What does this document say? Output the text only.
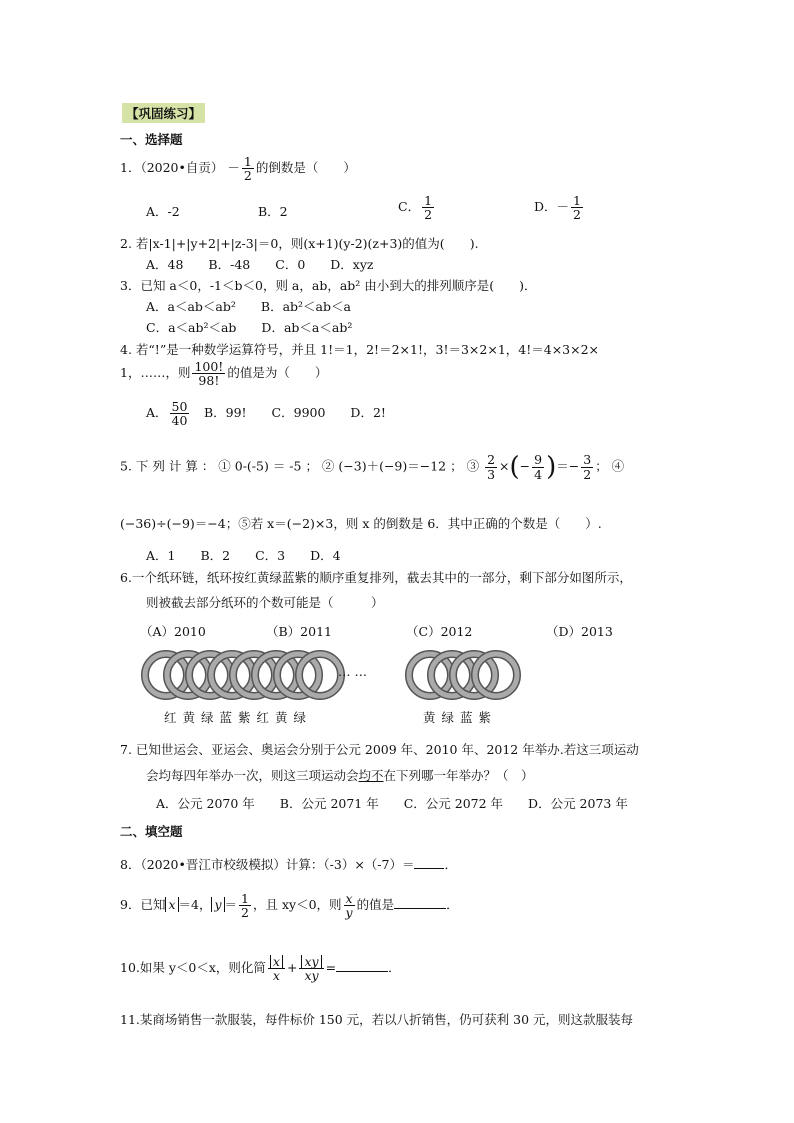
【巩固练习】
一、选择题
1．（2020•自贡） － $\frac{1}{2}$ 的倒数是（　　）
A．-2	B．2	C． $\frac{1}{2}$	D．－ $\frac{1}{2}$
2. 若|x-1|+|y+2|+|z-3|＝0，则(x+1)(y-2)(z+3)的值为(　　).
A．48　　B．-48　　C．0　　D．xyz
3．已知 a＜0，-1＜b＜0，则 a，ab，ab² 由小到大的排列顺序是(　　)．
A．a＜ab＜ab²　　B．ab²＜ab＜a
C．a＜ab²＜ab　　D．ab＜a＜ab²
4. 若“!”是一种数学运算符号，并且 1!＝1，2!＝2×1!，3!＝3×2×1，4!＝4×3×2×
1，……，则 $\frac{100!}{98!}$ 的值是为（　　）
A． $\frac{50}{40}$ 　B．99!　　C．9900　　D．2!
5. 下 列 计 算 ： ① 0-(-5) ＝ -5 ； ② (−3)＋(−9)＝−12 ； ③ $\frac{2}{3}$ ×(− $\frac{9}{4}$ )＝− $\frac{3}{2}$ ； ④
(−36)÷(−9)＝−4；⑤若 x＝(−2)×3，则 x 的倒数是 6．其中正确的个数是（　　）.
A．1　　B．2　　C．3　　D．4
6.一个纸环链，纸环按红黄绿蓝紫的顺序重复排列，截去其中的一部分，剩下部分如图所示，
则被截去部分纸环的个数可能是（　　　）
（A）2010	（B）2011	（C）2012	（D）2013
… …
红黄绿蓝紫红黄绿	黄绿蓝紫
7. 已知世运会、亚运会、奥运会分别于公元 2009 年、2010 年、2012 年举办.若这三项运动
会均每四年举办一次，则这三项运动会均不在下列哪一年举办？（　）
A．公元 2070 年　　B．公元 2071 年　　C．公元 2072 年　　D．公元 2073 年
二、填空题
8．（2020•晋江市校级模拟）计算：（-3）×（-7）＝ ．
9．已知 x ＝4， $y = \frac{1}{2}$ ，且 xy＜0，则 $\frac{x}{y}$ 的值是	．
10.如果 y＜0＜x，则化简 $\frac{x}{x} + \frac{xy}{xy}$ =	．
11.某商场销售一款服装，每件标价 150 元，若以八折销售，仍可获利 30 元，则这款服装每
